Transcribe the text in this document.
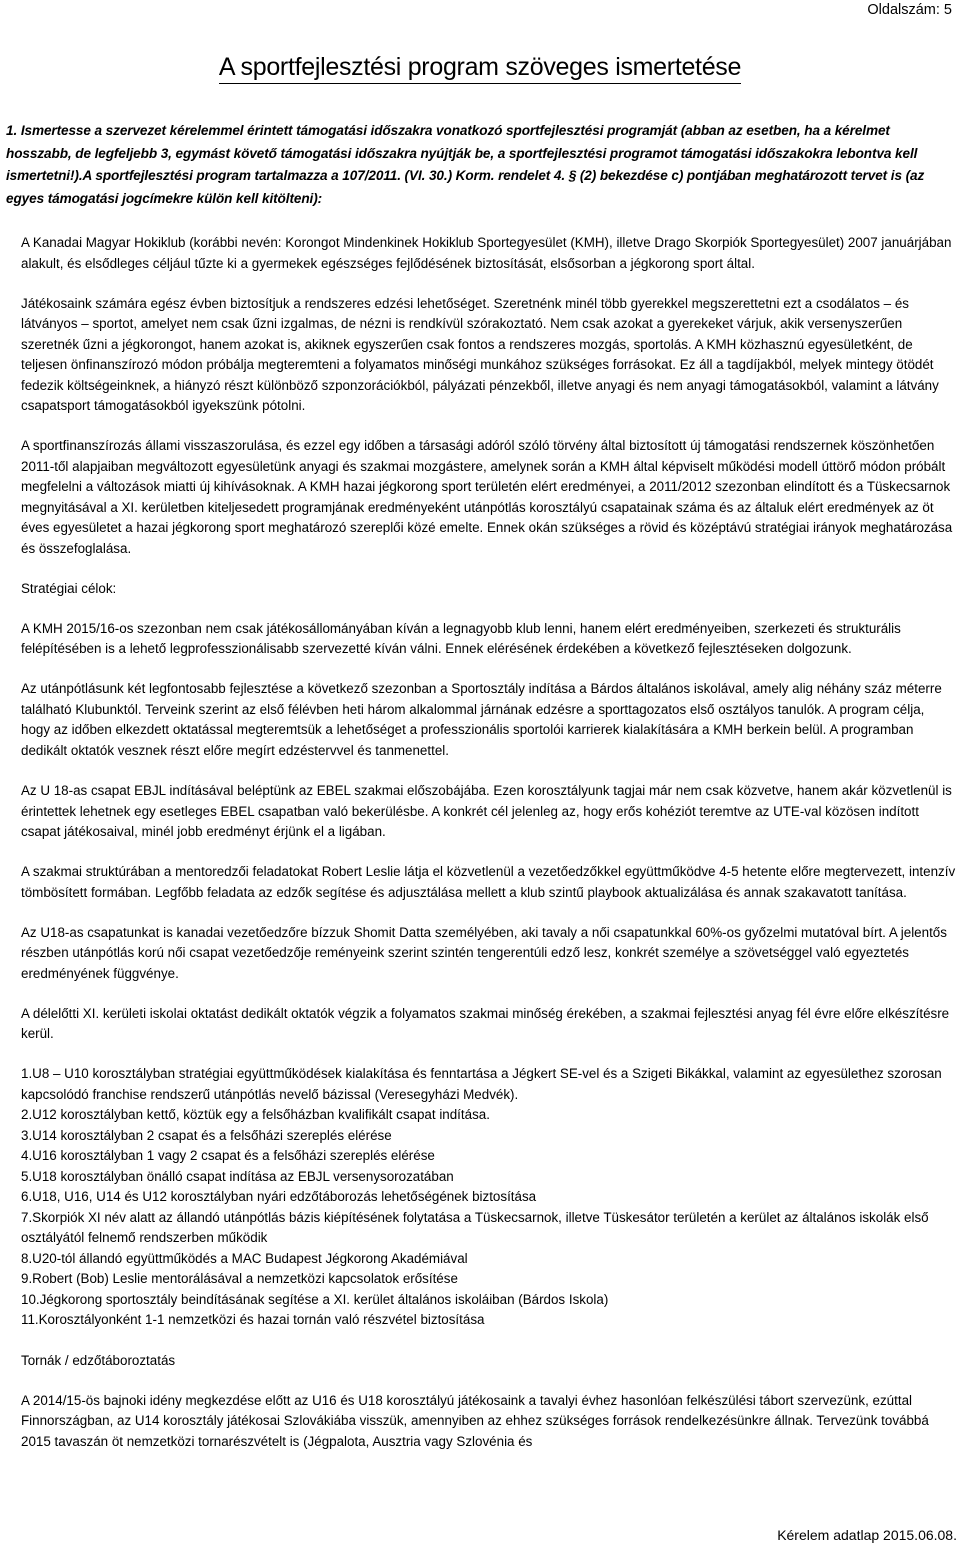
Oldalszám: 5
A sportfejlesztési program szöveges ismertetése
1. Ismertesse a szervezet kérelemmel érintett támogatási időszakra vonatkozó sportfejlesztési programját (abban az esetben, ha a kérelmet hosszabb, de legfeljebb 3, egymást követő támogatási időszakra nyújtják be, a sportfejlesztési programot támogatási időszakokra lebontva kell ismertetni!).A sportfejlesztési program tartalmazza a 107/2011. (VI. 30.) Korm. rendelet 4. § (2) bekezdése c) pontjában meghatározott tervet is (az egyes támogatási jogcímekre külön kell kitölteni):

A Kanadai Magyar Hokiklub (korábbi nevén: Korongot Mindenkinek Hokiklub Sportegyesület (KMH), illetve Drago Skorpiók Sportegyesület) 2007 januárjában alakult, és elsődleges céljául tűzte ki a gyermekek egészséges fejlődésének biztosítását, elsősorban a jégkorong sport által.

Játékosaink számára egész évben biztosítjuk a rendszeres edzési lehetőséget. Szeretnénk minél több gyerekkel megszerettetni ezt a csodálatos – és látványos – sportot, amelyet nem csak űzni izgalmas, de nézni is rendkívül szórakoztató. Nem csak azokat a gyerekeket várjuk, akik versenyszerűen szeretnék űzni a jégkorongot, hanem azokat is, akiknek egyszerűen csak fontos a rendszeres mozgás, sportolás. A KMH közhasznú egyesületként, de teljesen önfinanszírozó módon próbálja megteremteni a folyamatos minőségi munkához szükséges forrásokat. Ez áll a tagdíjakból, melyek mintegy ötödét fedezik költségeinknek, a hiányzó részt különböző szponzorációkból, pályázati pénzekből, illetve anyagi és nem anyagi támogatásokból, valamint a látvány csapatsport támogatásokból igyekszünk pótolni.

A sportfinanszírozás állami visszaszorulása, és ezzel egy időben a társasági adóról szóló törvény által biztosított új támogatási rendszernek köszönhetően 2011-től alapjaiban megváltozott egyesületünk anyagi és szakmai mozgástere, amelynek során a KMH által képviselt működési modell úttörő módon próbált megfelelni a változások miatti új kihívásoknak. A KMH hazai jégkorong sport területén elért eredményei, a 2011/2012 szezonban elindított és a Tüskecsarnok megnyitásával a XI. kerületben kiteljesedett programjának eredményeként utánpótlás korosztályú csapatainak száma és az általuk elért eredmények az öt éves egyesületet a hazai jégkorong sport meghatározó szereplői közé emelte. Ennek okán szükséges a rövid és középtávú stratégiai irányok meghatározása és összefoglalása.

Stratégiai célok:

A KMH 2015/16-os szezonban nem csak játékosállományában kíván a legnagyobb klub lenni, hanem elért eredményeiben, szerkezeti és strukturális felépítésében is a lehető legprofesszionálisabb szervezetté kíván válni. Ennek elérésének érdekében a következő fejlesztéseken dolgozunk.

Az utánpótlásunk két legfontosabb fejlesztése a következő szezonban a Sportosztály indítása a Bárdos általános iskolával, amely alig néhány száz méterre található Klubunktól. Terveink szerint az első félévben heti három alkalommal járnának edzésre a sporttagozatos első osztályos tanulók. A program célja, hogy az időben elkezdett oktatással megteremtsük a lehetőséget a professzionális sportolói karrierek kialakítására a KMH berkein belül. A programban dedikált oktatók vesznek részt előre megírt edzéstervvel és tanmenettel.

Az U 18-as csapat EBJL indításával beléptünk az EBEL szakmai előszobájába. Ezen korosztályunk tagjai már nem csak közvetve, hanem akár közvetlenül is érintettek lehetnek egy esetleges EBEL csapatban való bekerülésbe. A konkrét cél jelenleg az, hogy erős kohéziót teremtve az UTE-val közösen indított csapat játékosaival, minél jobb eredményt érjünk el a ligában.

A szakmai struktúrában a mentoredzői feladatokat Robert Leslie látja el közvetlenül a vezetőedzőkkel együttműködve 4-5 hetente előre megtervezett, intenzív tömbösített formában. Legfőbb feladata az edzők segítése és adjusztálása mellett a klub szintű playbook aktualizálása és annak szakavatott tanítása.

Az U18-as csapatunkat is kanadai vezetőedzőre bízzuk Shomit Datta személyében, aki tavaly a női csapatunkkal 60%-os győzelmi mutatóval bírt. A jelentős részben utánpótlás korú női csapat vezetőedzője reményeink szerint szintén tengerentúli edző lesz, konkrét személye a szövetséggel való egyeztetés eredményének függvénye.

A délelőtti XI. kerületi iskolai oktatást dedikált oktatók végzik a folyamatos szakmai minőség érekében, a szakmai fejlesztési anyag fél évre előre elkészítésre kerül.

1.U8 – U10 korosztályban stratégiai együttműködések kialakítása és fenntartása a Jégkert SE-vel és a Szigeti Bikákkal, valamint az egyesülethez szorosan kapcsolódó franchise rendszerű utánpótlás nevelő bázissal (Veresegyházi Medvék).
2.U12 korosztályban kettő, köztük egy a felsőházban kvalifikált csapat indítása.
3.U14 korosztályban 2 csapat és a felsőházi szereplés elérése
4.U16 korosztályban 1 vagy 2 csapat és a felsőházi szereplés elérése
5.U18 korosztályban önálló csapat indítása az EBJL versenysorozatában
6.U18, U16, U14 és U12 korosztályban nyári edzőtáborozás lehetőségének biztosítása
7.Skorpiók XI név alatt az állandó utánpótlás bázis kiépítésének folytatása a Tüskecsarnok, illetve Tüskesátor területén a kerület az általános iskolák első osztályától felnemő rendszerben működik
8.U20-tól állandó együttműködés a MAC Budapest Jégkorong Akadémiával
9.Robert (Bob) Leslie mentorálásával a nemzetközi kapcsolatok erősítése
10.Jégkorong sportosztály beindításának segítése a XI. kerület általános iskoláiban (Bárdos Iskola)
11.Korosztályonként 1-1 nemzetközi és hazai tornán való részvétel biztosítása

Tornák / edzőtáboroztatás

A 2014/15-ös bajnoki idény megkezdése előtt az U16 és U18 korosztályú játékosaink a tavalyi évhez hasonlóan felkészülési tábort szervezünk, ezúttal Finnországban, az U14 korosztály játékosai Szlovákiába visszük, amennyiben az ehhez szükséges források rendelkezésünkre állnak. Tervezünk továbbá 2015 tavaszán öt nemzetközi tornarészvételt is (Jégpalota, Ausztria vagy Szlovénia és

Kérelem adatlap 2015.06.08.
